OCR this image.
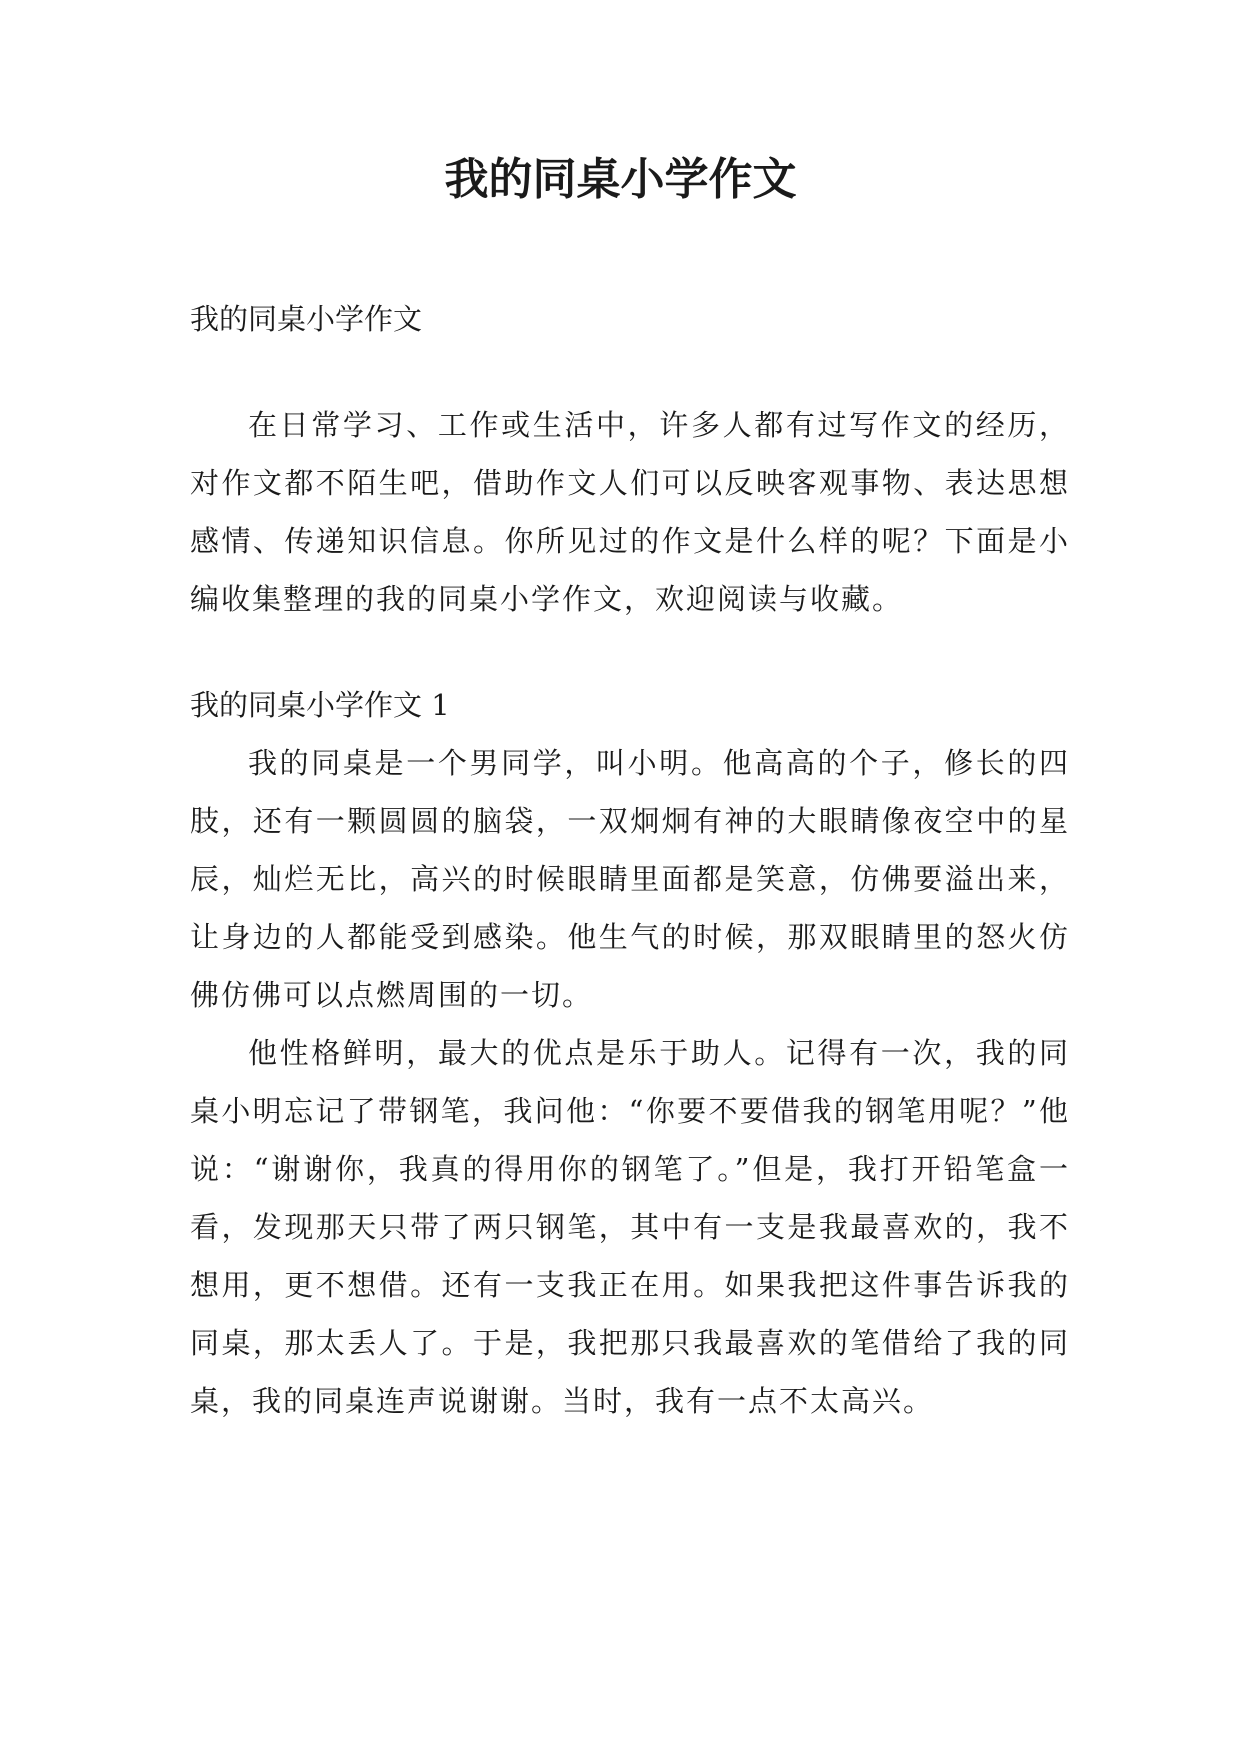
我的同桌小学作文

我的同桌小学作文

在日常学习、工作或生活中，许多人都有过写作文的经历，对作文都不陌生吧，借助作文人们可以反映客观事物、表达思想感情、传递知识信息。你所见过的作文是什么样的呢？下面是小编收集整理的我的同桌小学作文，欢迎阅读与收藏。

我的同桌小学作文 1

我的同桌是一个男同学，叫小明。他高高的个子，修长的四肢，还有一颗圆圆的脑袋，一双炯炯有神的大眼睛像夜空中的星辰，灿烂无比，高兴的时候眼睛里面都是笑意，仿佛要溢出来，让身边的人都能受到感染。他生气的时候，那双眼睛里的怒火仿佛仿佛可以点燃周围的一切。

他性格鲜明，最大的优点是乐于助人。记得有一次，我的同桌小明忘记了带钢笔，我问他：“你要不要借我的钢笔用呢？”他说：“谢谢你，我真的得用你的钢笔了。”但是，我打开铅笔盒一看，发现那天只带了两只钢笔，其中有一支是我最喜欢的，我不想用，更不想借。还有一支我正在用。如果我把这件事告诉我的同桌，那太丢人了。于是，我把那只我最喜欢的笔借给了我的同桌，我的同桌连声说谢谢。当时，我有一点不太高兴。
